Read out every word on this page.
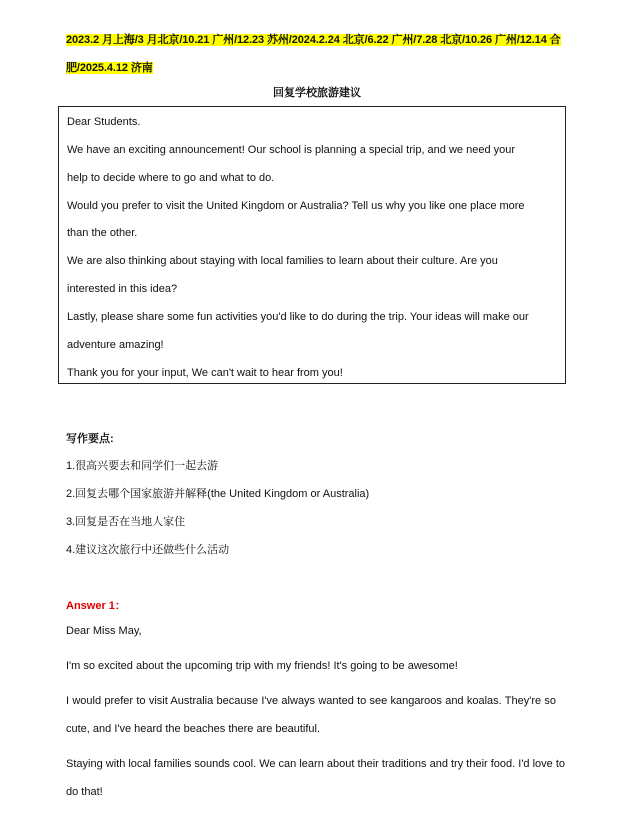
2023.2 月上海/3 月北京/10.21 广州/12.23 苏州/2024.2.24 北京/6.22 广州/7.28 北京/10.26 广州/12.14 合
肥/2025.4.12 济南
回复学校旅游建议
Dear Students.
We have an exciting announcement! Our school is planning a special trip, and we need your
help to decide where to go and what to do.
Would you prefer to visit the United Kingdom or Australia? Tell us why you like one place more
than the other.
We are also thinking about staying with local families to learn about their culture. Are you
interested in this idea?
Lastly, please share some fun activities you'd like to do during the trip. Your ideas will make our
adventure amazing!
Thank you for your input, We can't wait to hear from you!
写作要点:
1.很高兴要去和同学们一起去游
2.回复去哪个国家旅游并解释(the United Kingdom or Australia)
3.回复是否在当地人家住
4.建议这次旅行中还做些什么活动
Answer 1：
Dear Miss May,
I'm so excited about the upcoming trip with my friends! It's going to be awesome!
I would prefer to visit Australia because I've always wanted to see kangaroos and koalas. They're so
cute, and I've heard the beaches there are beautiful.
Staying with local families sounds cool. We can learn about their traditions and try their food. I'd love to
do that!
